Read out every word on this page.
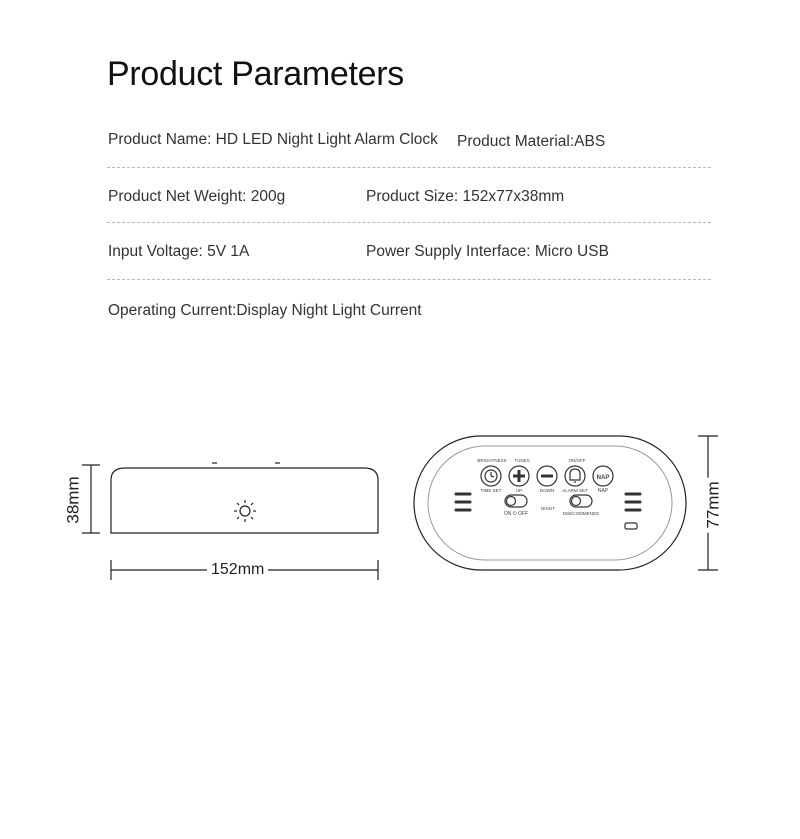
Product Parameters
Product Name: HD LED Night Light Alarm Clock Product Material:ABS
Product Net Weight: 200g	Product Size: 152x77x38mm
Input Voltage: 5V 1A	Power Supply Interface: Micro USB
Operating Current:Display Night Light Current
BRIGHTNESS TUNES	ON/OFF
TIME SET	UP	DOWN ALARM SET
NAP
NAP
ON ⏻ OFF
NIGHT
DIM/COMMENDS
38mm
152mm
77mm
